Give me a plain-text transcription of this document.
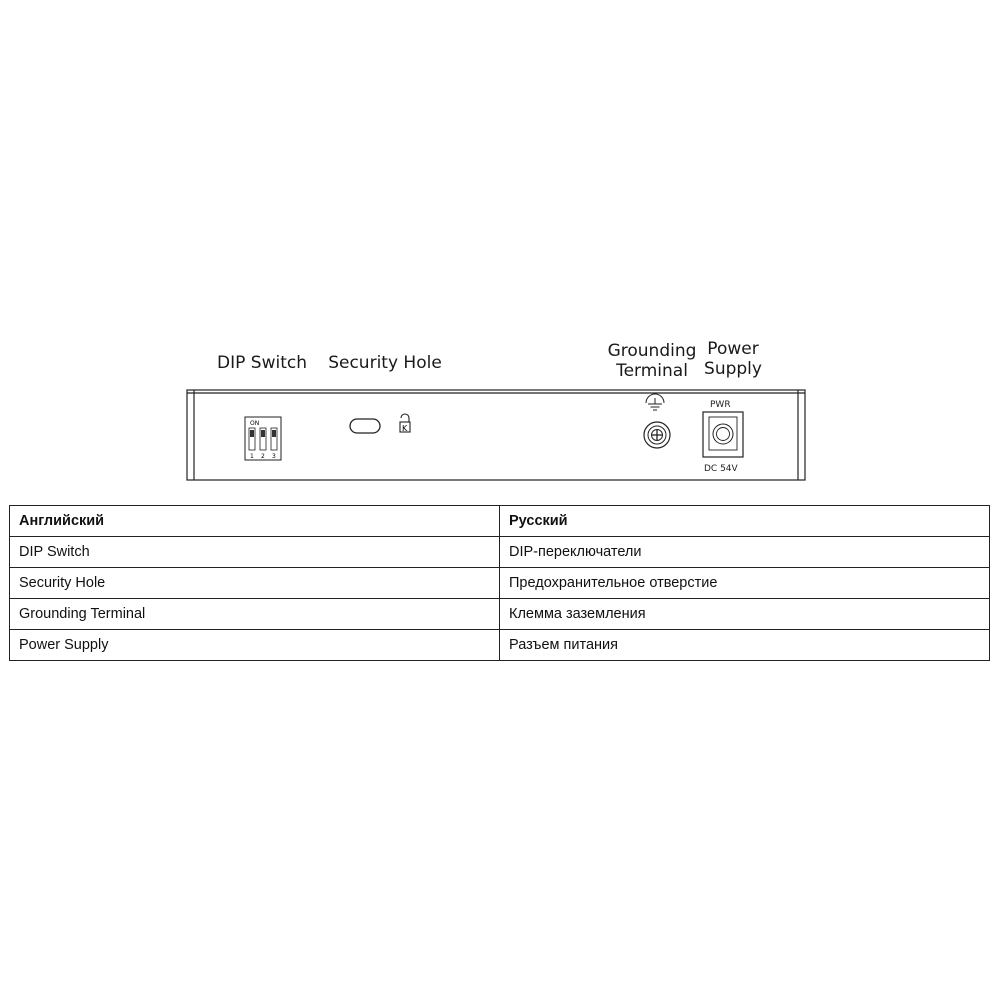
DIP Switch Security Hole
Grounding
Terminal
Power
Supply
ON
1 2 3
K
PWR
DC 54V
Английский	Русский
DIP Switch	DIP-переключатели
Security Hole	Предохранительное отверстие
Grounding Terminal	Клемма заземления
Power Supply	Разъем питания
